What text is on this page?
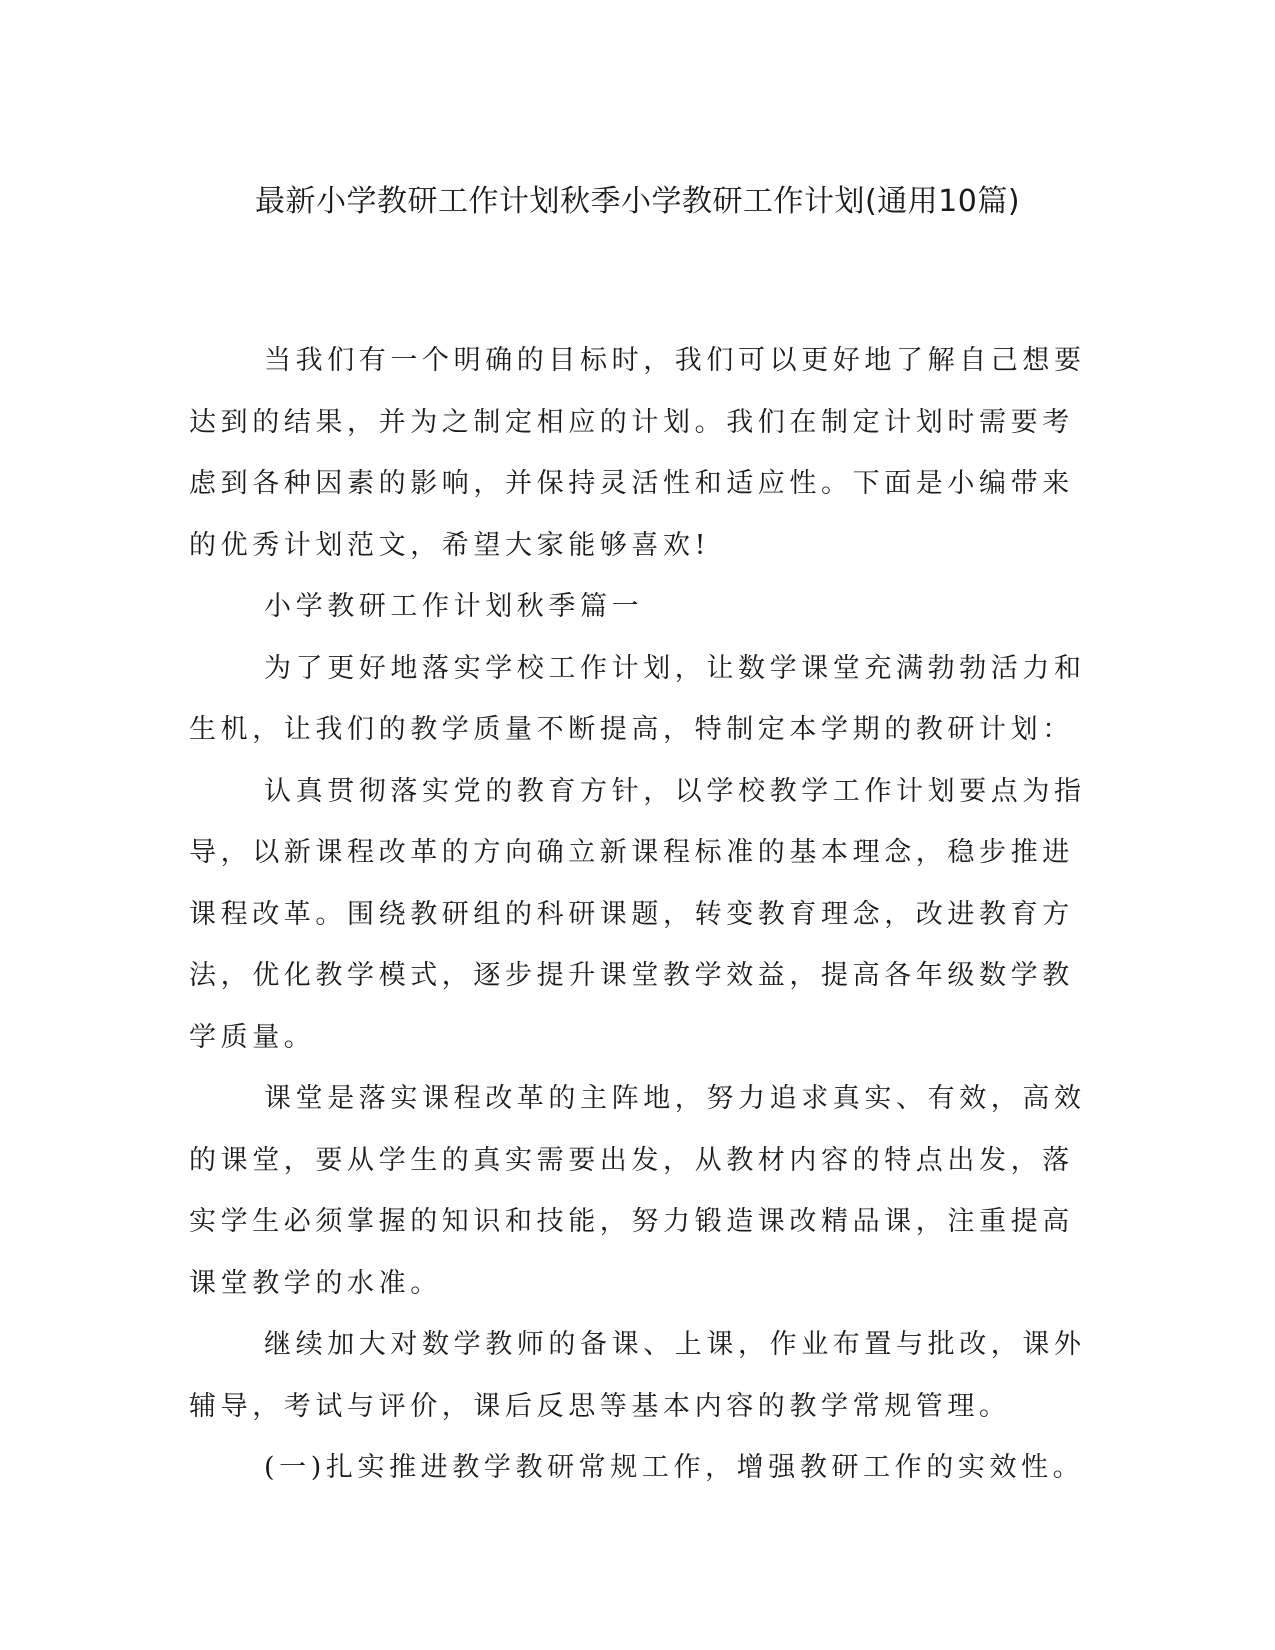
最新小学教研工作计划秋季小学教研工作计划(通用10篇)

当我们有一个明确的目标时，我们可以更好地了解自己想要达到的结果，并为之制定相应的计划。我们在制定计划时需要考虑到各种因素的影响，并保持灵活性和适应性。下面是小编带来的优秀计划范文，希望大家能够喜欢!

小学教研工作计划秋季篇一

为了更好地落实学校工作计划，让数学课堂充满勃勃活力和生机，让我们的教学质量不断提高，特制定本学期的教研计划：

认真贯彻落实党的教育方针，以学校教学工作计划要点为指导，以新课程改革的方向确立新课程标准的基本理念，稳步推进课程改革。围绕教研组的科研课题，转变教育理念，改进教育方法，优化教学模式，逐步提升课堂教学效益，提高各年级数学教学质量。

课堂是落实课程改革的主阵地，努力追求真实、有效，高效的课堂，要从学生的真实需要出发，从教材内容的特点出发，落实学生必须掌握的知识和技能，努力锻造课改精品课，注重提高课堂教学的水准。

继续加大对数学教师的备课、上课，作业布置与批改，课外辅导，考试与评价，课后反思等基本内容的教学常规管理。

(一)扎实推进教学教研常规工作，增强教研工作的实效性。
